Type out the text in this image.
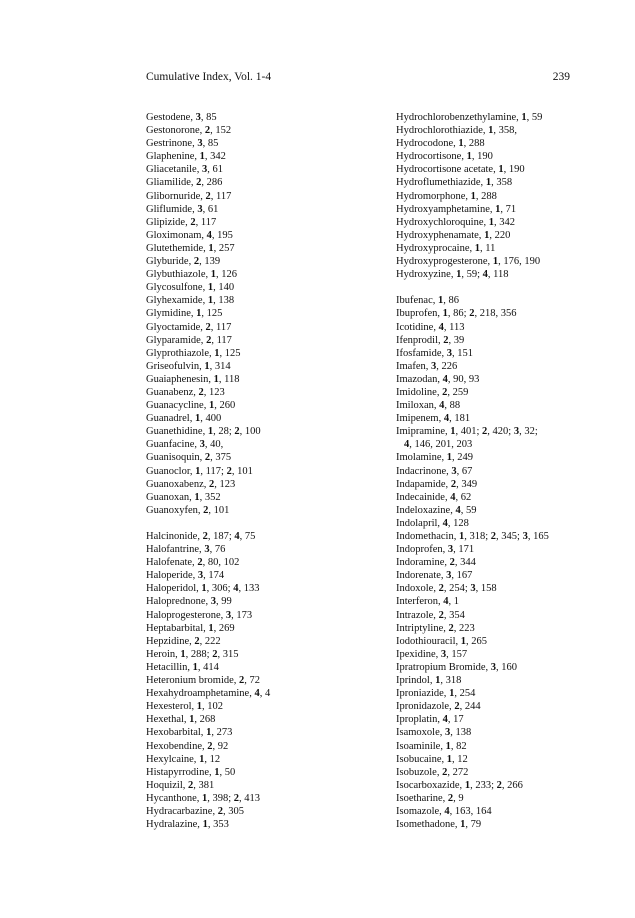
Cumulative Index, Vol. 1-4	239
Gestodene, 3, 85
Gestonorone, 2, 152
Gestrinone, 3, 85
Glaphenine, 1, 342
Gliacetanile, 3, 61
Gliamilide, 2, 286
Glibornuride, 2, 117
Gliflumide, 3, 61
Glipizide, 2, 117
Gloximonam, 4, 195
Glutethemide, 1, 257
Glyburide, 2, 139
Glybuthiazole, 1, 126
Glycosulfone, 1, 140
Glyhexamide, 1, 138
Glymidine, 1, 125
Glyoctamide, 2, 117
Glyparamide, 2, 117
Glyprothiazole, 1, 125
Griseofulvin, 1, 314
Guaiaphenesin, 1, 118
Guanabenz, 2, 123
Guanacycline, 1, 260
Guanadrel, 1, 400
Guanethidine, 1, 28; 2, 100
Guanfacine, 3, 40,
Guanisoquin, 2, 375
Guanoclor, 1, 117; 2, 101
Guanoxabenz, 2, 123
Guanoxan, 1, 352
Guanoxyfen, 2, 101
Halcinonide, 2, 187; 4, 75
Halofantrine, 3, 76
Halofenate, 2, 80, 102
Haloperide, 3, 174
Haloperidol, 1, 306; 4, 133
Haloprednone, 3, 99
Haloprogesterone, 3, 173
Heptabarbital, 1, 269
Hepzidine, 2, 222
Heroin, 1, 288; 2, 315
Hetacillin, 1, 414
Heteronium bromide, 2, 72
Hexahydroamphetamine, 4, 4
Hexesterol, 1, 102
Hexethal, 1, 268
Hexobarbital, 1, 273
Hexobendine, 2, 92
Hexylcaine, 1, 12
Histapyrrodine, 1, 50
Hoquizil, 2, 381
Hycanthone, 1, 398; 2, 413
Hydracarbazine, 2, 305
Hydralazine, 1, 353
Hydrochlorobenzethylamine, 1, 59
Hydrochlorothiazide, 1, 358,
Hydrocodone, 1, 288
Hydrocortisone, 1, 190
Hydrocortisone acetate, 1, 190
Hydroflumethiazide, 1, 358
Hydromorphone, 1, 288
Hydroxyamphetamine, 1, 71
Hydroxychloroquine, 1, 342
Hydroxyphenamate, 1, 220
Hydroxyprocaine, 1, 11
Hydroxyprogesterone, 1, 176, 190
Hydroxyzine, 1, 59; 4, 118
Ibufenac, 1, 86
Ibuprofen, 1, 86; 2, 218, 356
Icotidine, 4, 113
Ifenprodil, 2, 39
Ifosfamide, 3, 151
Imafen, 3, 226
Imazodan, 4, 90, 93
Imidoline, 2, 259
Imiloxan, 4, 88
Imipenem, 4, 181
Imipramine, 1, 401; 2, 420; 3, 32;
4, 146, 201, 203
Imolamine, 1, 249
Indacrinone, 3, 67
Indapamide, 2, 349
Indecainide, 4, 62
Indeloxazine, 4, 59
Indolapril, 4, 128
Indomethacin, 1, 318; 2, 345; 3, 165
Indoprofen, 3, 171
Indoramine, 2, 344
Indorenate, 3, 167
Indoxole, 2, 254; 3, 158
Interferon, 4, 1
Intrazole, 2, 354
Intriptyline, 2, 223
Iodothiouracil, 1, 265
Ipexidine, 3, 157
Ipratropium Bromide, 3, 160
Iprindol, 1, 318
Iproniazide, 1, 254
Ipronidazole, 2, 244
Iproplatin, 4, 17
Isamoxole, 3, 138
Isoaminile, 1, 82
Isobucaine, 1, 12
Isobuzole, 2, 272
Isocarboxazide, 1, 233; 2, 266
Isoetharine, 2, 9
Isomazole, 4, 163, 164
Isomethadone, 1, 79
